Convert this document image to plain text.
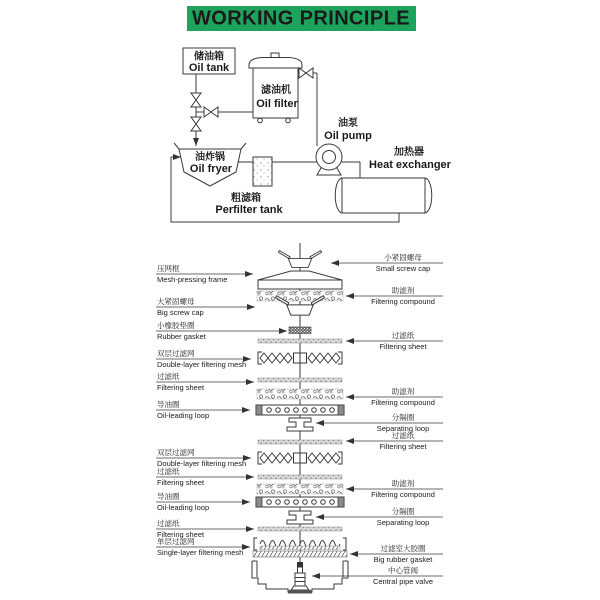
WORKING PRINCIPLE
储油箱
Oil tank
滤油机
Oil filter
油炸锅
Oil fryer
油泵
Oil pump
加热器
Heat exchanger
粗滤箱
Perfilter tank
压网框
Mesh-pressing frame
大紧固螺母
Big screw cap
小橡胶垫圈
Rubber gasket
双层过滤网
Double-layer filtering mesh
过滤纸
Filtering sheet
导油圈
Oil-leading loop
双层过滤网
Double-layer filtering mesh
过滤纸
Filtering sheet
导油圈
Oil-leading loop
过滤纸
Filtering sheet
单层过滤网
Single-layer filtering mesh
小紧固螺母
Small screw cap
助滤剂
Filtering compound
过滤纸
Filtering sheet
助滤剂
Filtering compound
分隔圈
Separating loop
过滤纸
Filtering sheet
助滤剂
Filtering compound
分隔圈
Separating loop
过滤室大胶圈
Big rubber gasket
中心管阀
Central pipe valve
